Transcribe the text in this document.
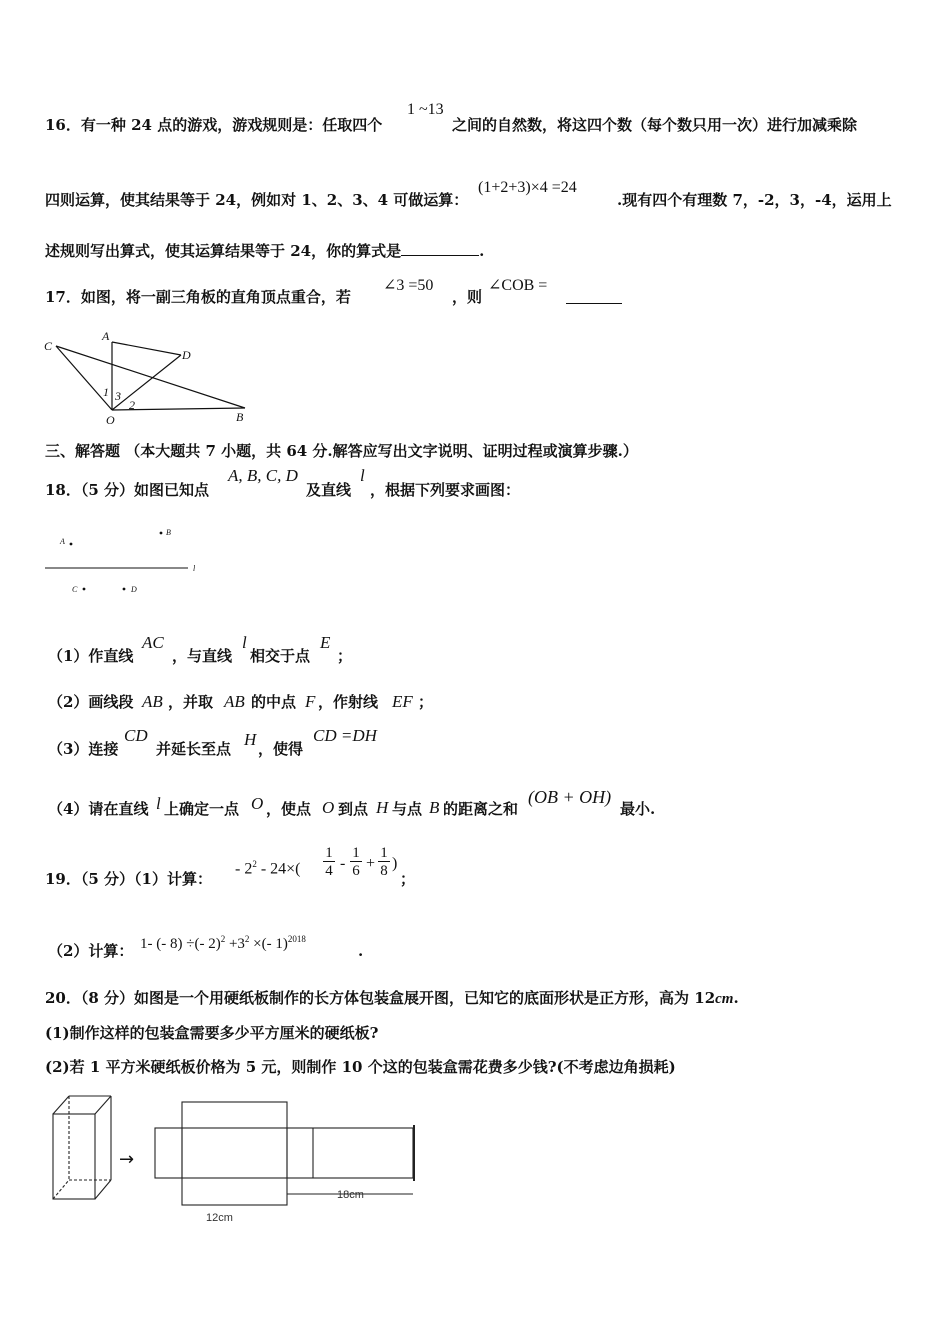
16．有一种 24 点的游戏，游戏规则是：任取四个
1 ~13
之间的自然数，将这四个数（每个数只用一次）进行加减乘除
四则运算，使其结果等于 24，例如对 1、2、3、4 可做运算：
(1+2+3)×4 =24
.现有四个有理数 7，-2，3，-4，运用上
述规则写出算式，使其运算结果等于 24，你的算式是	.
17．如图，将一副三角板的直角顶点重合，若
∠3 =50
，则
∠COB =
C
A
D
B
O
1 3
2
三、解答题 （本大题共 7 小题，共 64 分.解答应写出文字说明、证明过程或演算步骤.）
18．（5 分）如图已知点
A, B, C, D
及直线
l
，根据下列要求画图：
l
A
B
C	D
（1）作直线
AC
，与直线
l
相交于点
E
；
（2）画线段 AB ，并取 AB 的中点 F ，作射线 EF ；
（3）连接
CD
并延长至点 H ，使得
CD =DH
（4）请在直线 l 上确定一点 O ，使点 O 到点 H 与点 B 的距离之和
(OB + OH)
最小.
19．（5 分）（1）计算：
- $2^2 - 24\times( \frac{1}{4} - \frac{1}{6} + \frac{1}{8}$ )
；
（2）计算： 1- (- 8) ÷(- $2)^2 +3^2$ ×(- 1)$^{2018}$
.
20．（8 分）如图是一个用硬纸板制作的长方体包装盒展开图，已知它的底面形状是正方形，高为 12cm.
(1)制作这样的包装盒需要多少平方厘米的硬纸板?
(2)若 1 平方米硬纸板价格为 5 元，则制作 10 个这的包装盒需花费多少钱?(不考虑边角损耗)
→
18cm
12cm
